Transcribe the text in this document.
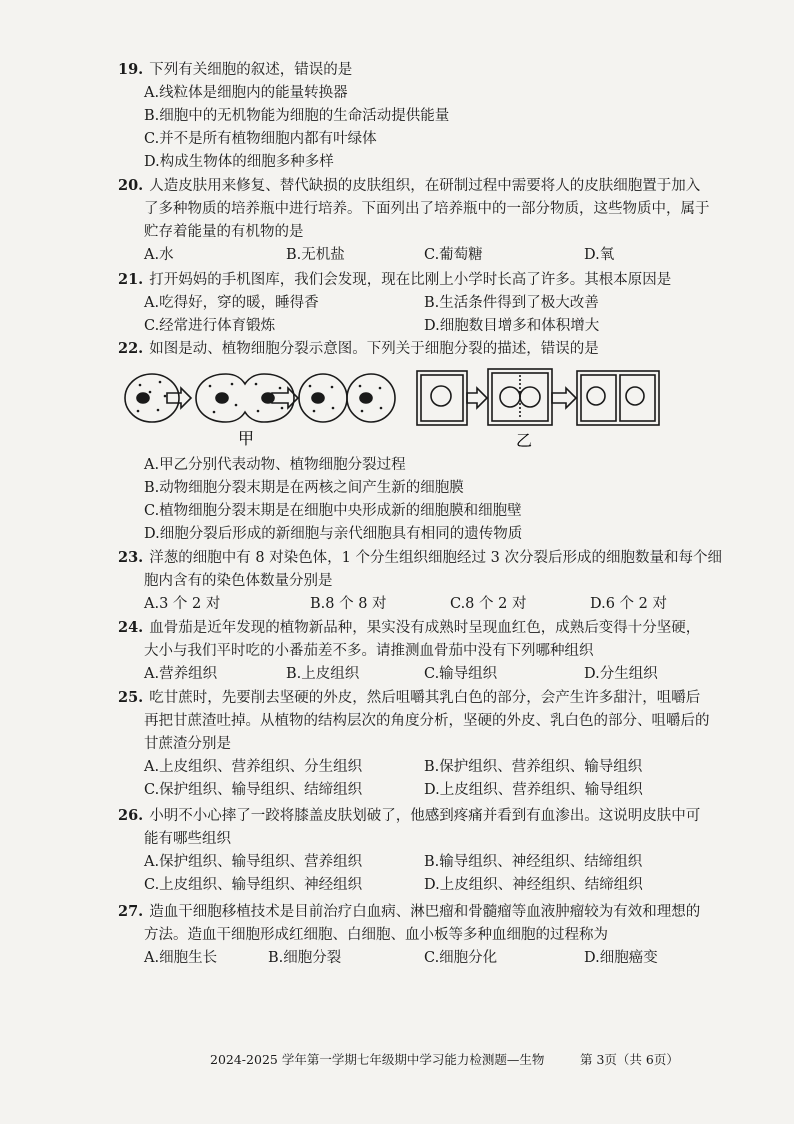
19. 下列有关细胞的叙述，错误的是
A.线粒体是细胞内的能量转换器
B.细胞中的无机物能为细胞的生命活动提供能量
C.并不是所有植物细胞内都有叶绿体
D.构成生物体的细胞多种多样
20. 人造皮肤用来修复、替代缺损的皮肤组织，在研制过程中需要将人的皮肤细胞置于加入
了多种物质的培养瓶中进行培养。下面列出了培养瓶中的一部分物质，这些物质中，属于
贮存着能量的有机物的是
A.水	B.无机盐	C.葡萄糖	D.氧
21. 打开妈妈的手机图库，我们会发现，现在比刚上小学时长高了许多。其根本原因是
A.吃得好，穿的暖，睡得香	B.生活条件得到了极大改善
C.经常进行体育锻炼	D.细胞数目增多和体积增大
22. 如图是动、植物细胞分裂示意图。下列关于细胞分裂的描述，错误的是
甲	乙
A.甲乙分别代表动物、植物细胞分裂过程
B.动物细胞分裂末期是在两核之间产生新的细胞膜
C.植物细胞分裂末期是在细胞中央形成新的细胞膜和细胞壁
D.细胞分裂后形成的新细胞与亲代细胞具有相同的遗传物质
23. 洋葱的细胞中有 8 对染色体，1 个分生组织细胞经过 3 次分裂后形成的细胞数量和每个细
胞内含有的染色体数量分别是
A.3 个 2 对	B.8 个 8 对	C.8 个 2 对	D.6 个 2 对
24. 血骨茄是近年发现的植物新品种，果实没有成熟时呈现血红色，成熟后变得十分坚硬，
大小与我们平时吃的小番茄差不多。请推测血骨茄中没有下列哪种组织
A.营养组织	B.上皮组织	C.输导组织	D.分生组织
25. 吃甘蔗时，先要削去坚硬的外皮，然后咀嚼其乳白色的部分，会产生许多甜汁，咀嚼后
再把甘蔗渣吐掉。从植物的结构层次的角度分析，坚硬的外皮、乳白色的部分、咀嚼后的
甘蔗渣分别是
A.上皮组织、营养组织、分生组织	B.保护组织、营养组织、输导组织
C.保护组织、输导组织、结缔组织	D.上皮组织、营养组织、输导组织
26. 小明不小心摔了一跤将膝盖皮肤划破了，他感到疼痛并看到有血渗出。这说明皮肤中可
能有哪些组织
A.保护组织、输导组织、营养组织	B.输导组织、神经组织、结缔组织
C.上皮组织、输导组织、神经组织	D.上皮组织、神经组织、结缔组织
27. 造血干细胞移植技术是目前治疗白血病、淋巴瘤和骨髓瘤等血液肿瘤较为有效和理想的
方法。造血干细胞形成红细胞、白细胞、血小板等多种血细胞的过程称为
A.细胞生长	B.细胞分裂	C.细胞分化	D.细胞癌变
2024-2025 学年第一学期七年级期中学习能力检测题—生物	第 3页（共 6页）
